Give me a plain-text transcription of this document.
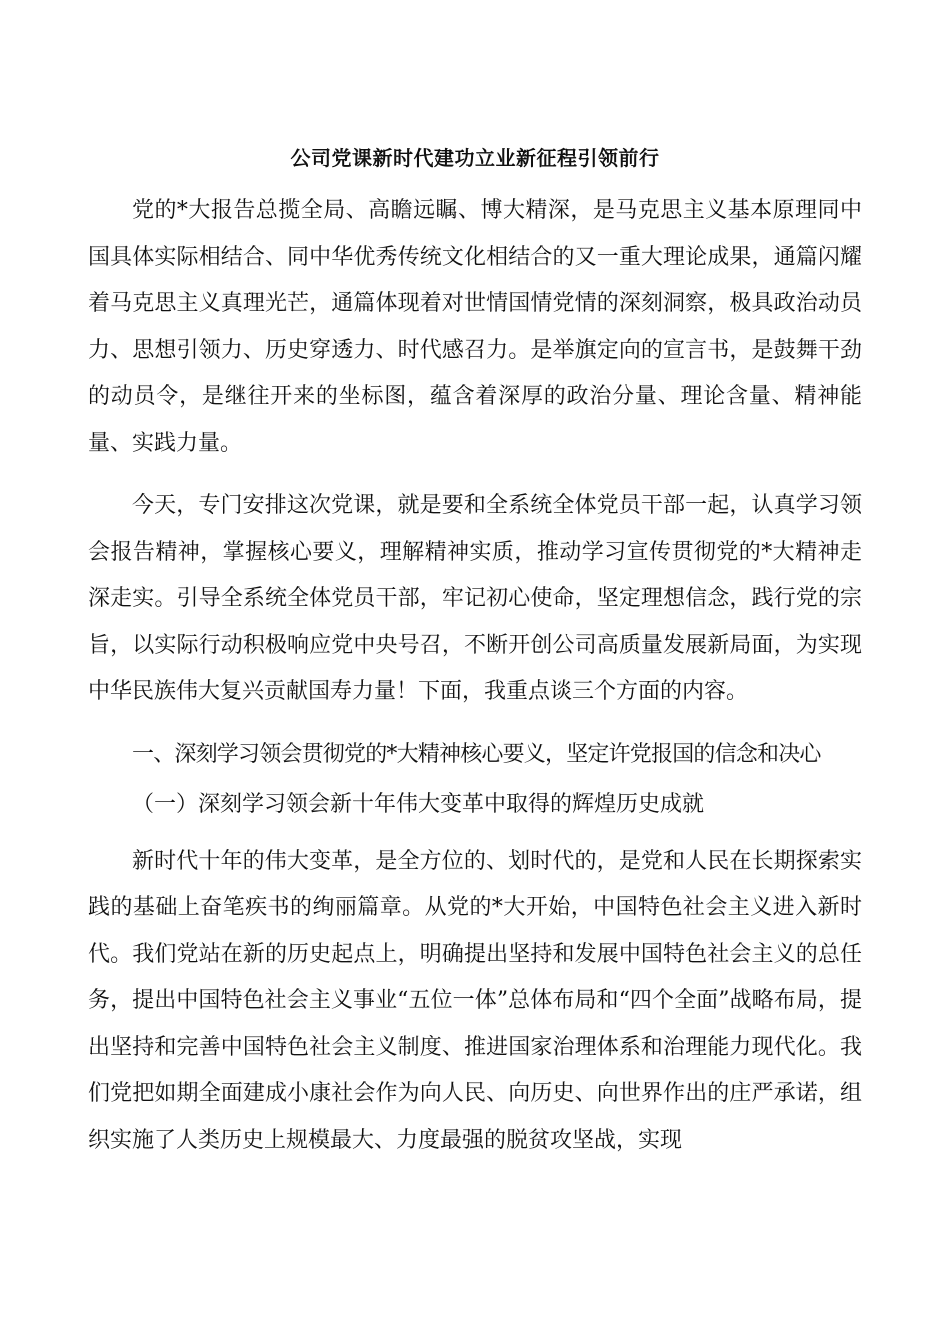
公司党课新时代建功立业新征程引领前行

党的*大报告总揽全局、高瞻远瞩、博大精深，是马克思主义基本原理同中国具体实际相结合、同中华优秀传统文化相结合的又一重大理论成果，通篇闪耀着马克思主义真理光芒，通篇体现着对世情国情党情的深刻洞察，极具政治动员力、思想引领力、历史穿透力、时代感召力。是举旗定向的宣言书，是鼓舞干劲的动员令，是继往开来的坐标图，蕴含着深厚的政治分量、理论含量、精神能量、实践力量。

今天，专门安排这次党课，就是要和全系统全体党员干部一起，认真学习领会报告精神，掌握核心要义，理解精神实质，推动学习宣传贯彻党的*大精神走深走实。引导全系统全体党员干部，牢记初心使命，坚定理想信念，践行党的宗旨，以实际行动积极响应党中央号召，不断开创公司高质量发展新局面，为实现中华民族伟大复兴贡献国寿力量！下面，我重点谈三个方面的内容。

一、深刻学习领会贯彻党的*大精神核心要义，坚定许党报国的信念和决心

（一）深刻学习领会新十年伟大变革中取得的辉煌历史成就

新时代十年的伟大变革，是全方位的、划时代的，是党和人民在长期探索实践的基础上奋笔疾书的绚丽篇章。从党的*大开始，中国特色社会主义进入新时代。我们党站在新的历史起点上，明确提出坚持和发展中国特色社会主义的总任务，提出中国特色社会主义事业“五位一体”总体布局和“四个全面”战略布局，提出坚持和完善中国特色社会主义制度、推进国家治理体系和治理能力现代化。我们党把如期全面建成小康社会作为向人民、向历史、向世界作出的庄严承诺，组织实施了人类历史上规模最大、力度最强的脱贫攻坚战，实现
